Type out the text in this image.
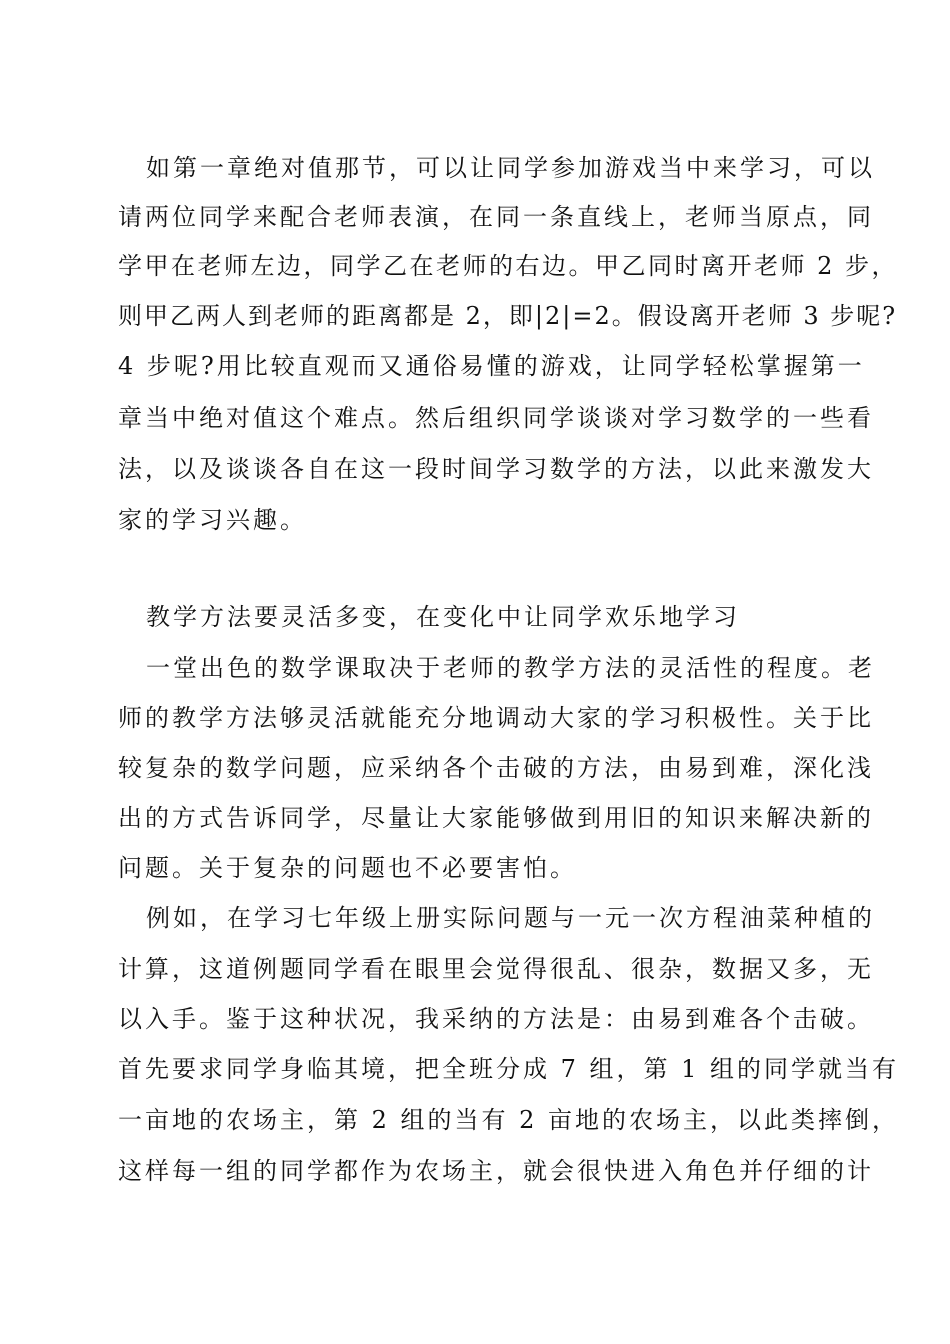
如第一章绝对值那节，可以让同学参加游戏当中来学习，可以
请两位同学来配合老师表演，在同一条直线上，老师当原点，同
学甲在老师左边，同学乙在老师的右边。甲乙同时离开老师 2 步，
则甲乙两人到老师的距离都是 2，即|2|=2。假设离开老师 3 步呢?
4 步呢?用比较直观而又通俗易懂的游戏，让同学轻松掌握第一
章当中绝对值这个难点。然后组织同学谈谈对学习数学的一些看
法，以及谈谈各自在这一段时间学习数学的方法，以此来激发大
家的学习兴趣。
教学方法要灵活多变，在变化中让同学欢乐地学习
一堂出色的数学课取决于老师的教学方法的灵活性的程度。老
师的教学方法够灵活就能充分地调动大家的学习积极性。关于比
较复杂的数学问题，应采纳各个击破的方法，由易到难，深化浅
出的方式告诉同学，尽量让大家能够做到用旧的知识来解决新的
问题。关于复杂的问题也不必要害怕。
例如，在学习七年级上册实际问题与一元一次方程油菜种植的
计算，这道例题同学看在眼里会觉得很乱、很杂，数据又多，无
以入手。鉴于这种状况，我采纳的方法是：由易到难各个击破。
首先要求同学身临其境，把全班分成 7 组，第 1 组的同学就当有
一亩地的农场主，第 2 组的当有 2 亩地的农场主，以此类摔倒，
这样每一组的同学都作为农场主，就会很快进入角色并仔细的计
